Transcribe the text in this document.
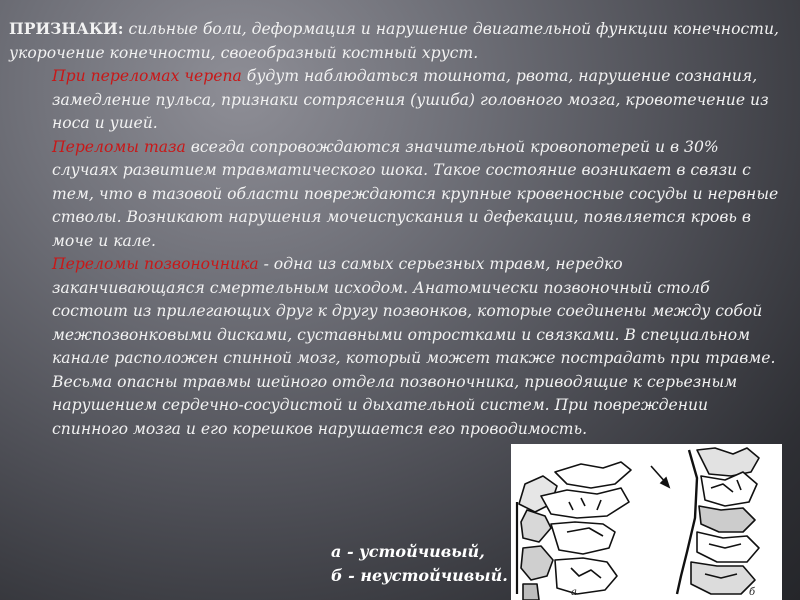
ПРИЗНАКИ: сильные боли, деформация и нарушение двигательной функции конечности, укорочение конечности, своеобразный костный хруст.

При переломах черепа будут наблюдаться тошнота, рвота, нарушение сознания, замедление пульса, признаки сотрясения (ушиба) головного мозга, кровотечение из носа и ушей.

Переломы таза всегда сопровождаются значительной кровопотерей и в 30% случаях развитием травматического шока. Такое состояние возникает в связи с тем, что в тазовой области повреждаются крупные кровеносные сосуды и нервные стволы. Возникают нарушения мочеиспускания и дефекации, появляется кровь в моче и кале.

Переломы позвоночника - одна из самых серьезных травм, нередко заканчивающаяся смертельным исходом. Анатомически позвоночный столб состоит из прилегающих друг к другу позвонков, которые соединены между собой межпозвонковыми дисками, суставными отростками и связками. В специальном канале расположен спинной мозг, который может также пострадать при травме. Весьма опасны травмы шейного отдела позвоночника, приводящие к серьезным нарушением сердечно-сосудистой и дыхательной систем. При повреждении спинного мозга и его корешков нарушается его проводимость.

а	б
а - устойчивый,
б - неустойчивый.
